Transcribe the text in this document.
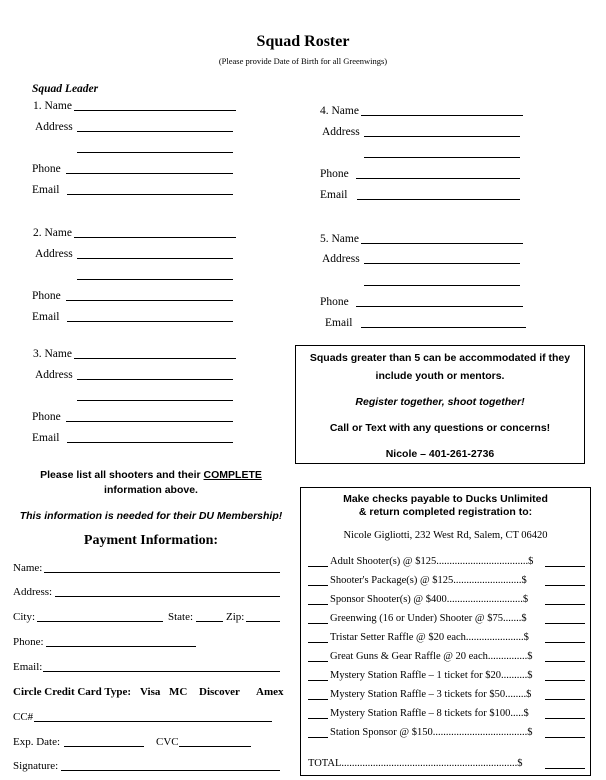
Squad Roster
(Please provide Date of Birth for all Greenwings)
Squad Leader
1. Name
Address
Phone
Email
2. Name
Address
Phone
Email
3. Name
Address
Phone
Email
4. Name
Address
Phone
Email
5. Name
Address
Phone
Email
Squads greater than 5 can be accommodated if they
include youth or mentors.
Register together, shoot together!
Call or Text with any questions or concerns!
Nicole – 401-261-2736
Please list all shooters and their COMPLETE
information above.
This information is needed for their DU Membership!
Payment Information:
Name:
Address:
City:	State:	Zip:
Phone:
Email:
Circle Credit Card Type: Visa MC Discover Amex
CC#
Exp. Date:	CVC
Signature:
Make checks payable to Ducks Unlimited
& return completed registration to:
Nicole Gigliotti, 232 West Rd, Salem, CT 06420
Adult Shooter(s) @ $125...................................$
Shooter's Package(s) @ $125..........................$
Sponsor Shooter(s) @ $400.............................$
Greenwing (16 or Under) Shooter @ $75.......$
Tristar Setter Raffle @ $20 each......................$
Great Guns & Gear Raffle @ 20 each...............$
Mystery Station Raffle – 1 ticket for $20..........$
Mystery Station Raffle – 3 tickets for $50........$
Mystery Station Raffle – 8 tickets for $100.....$
Station Sponsor @ $150....................................$
TOTAL...................................................................$
